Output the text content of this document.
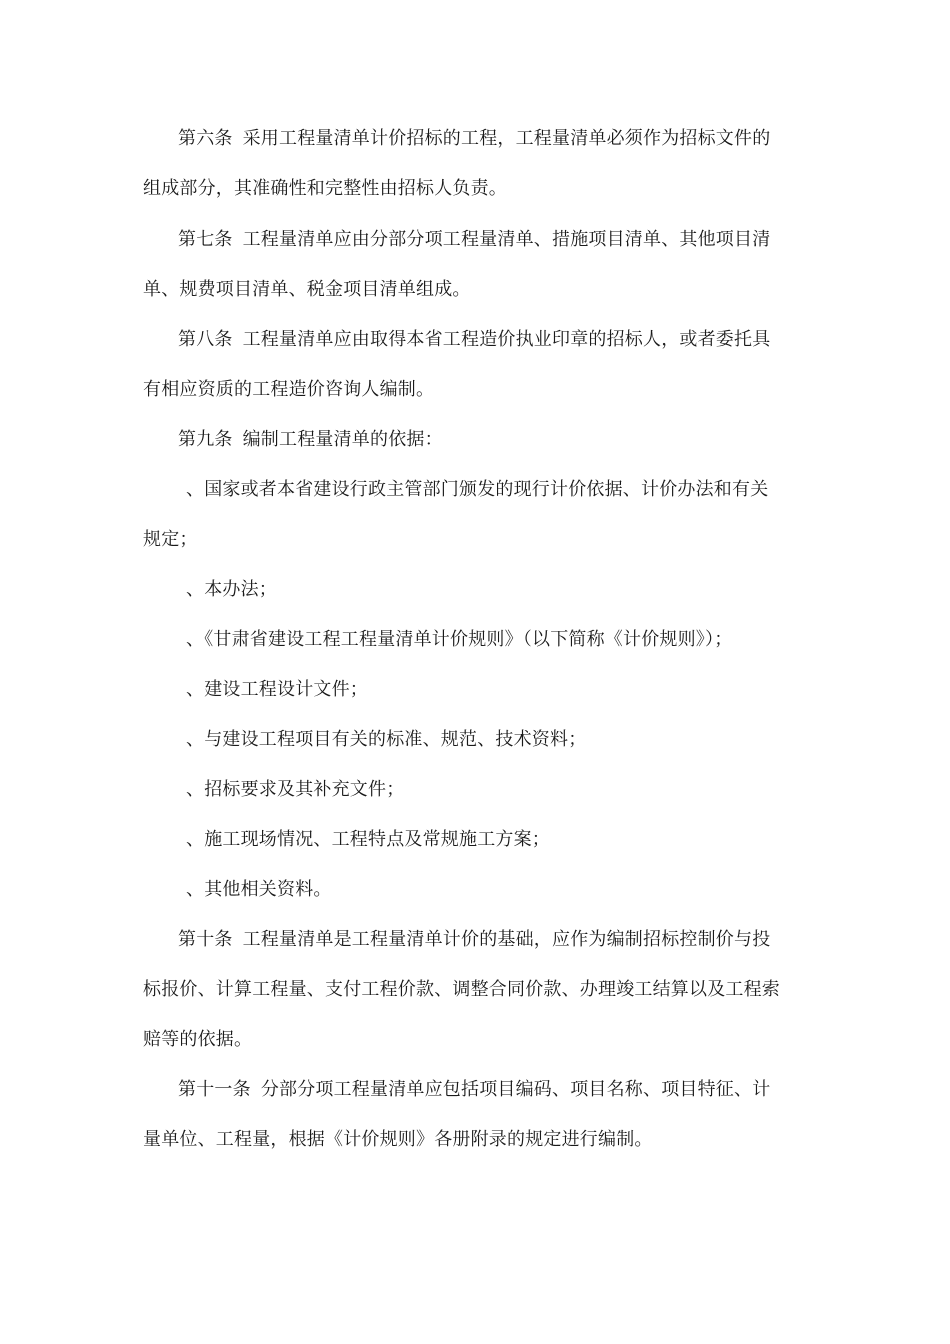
第六条 采用工程量清单计价招标的工程，工程量清单必须作为招标文件的
组成部分，其准确性和完整性由招标人负责。
第七条 工程量清单应由分部分项工程量清单、措施项目清单、其他项目清
单、规费项目清单、税金项目清单组成。
第八条 工程量清单应由取得本省工程造价执业印章的招标人，或者委托具
有相应资质的工程造价咨询人编制。
第九条 编制工程量清单的依据：
、国家或者本省建设行政主管部门颁发的现行计价依据、计价办法和有关
规定；
、本办法；
、《甘肃省建设工程工程量清单计价规则》（以下简称《计价规则》）；
、建设工程设计文件；
、与建设工程项目有关的标准、规范、技术资料；
、招标要求及其补充文件；
、施工现场情况、工程特点及常规施工方案；
、其他相关资料。
第十条 工程量清单是工程量清单计价的基础，应作为编制招标控制价与投
标报价、计算工程量、支付工程价款、调整合同价款、办理竣工结算以及工程索
赔等的依据。
第十一条 分部分项工程量清单应包括项目编码、项目名称、项目特征、计
量单位、工程量，根据《计价规则》各册附录的规定进行编制。
